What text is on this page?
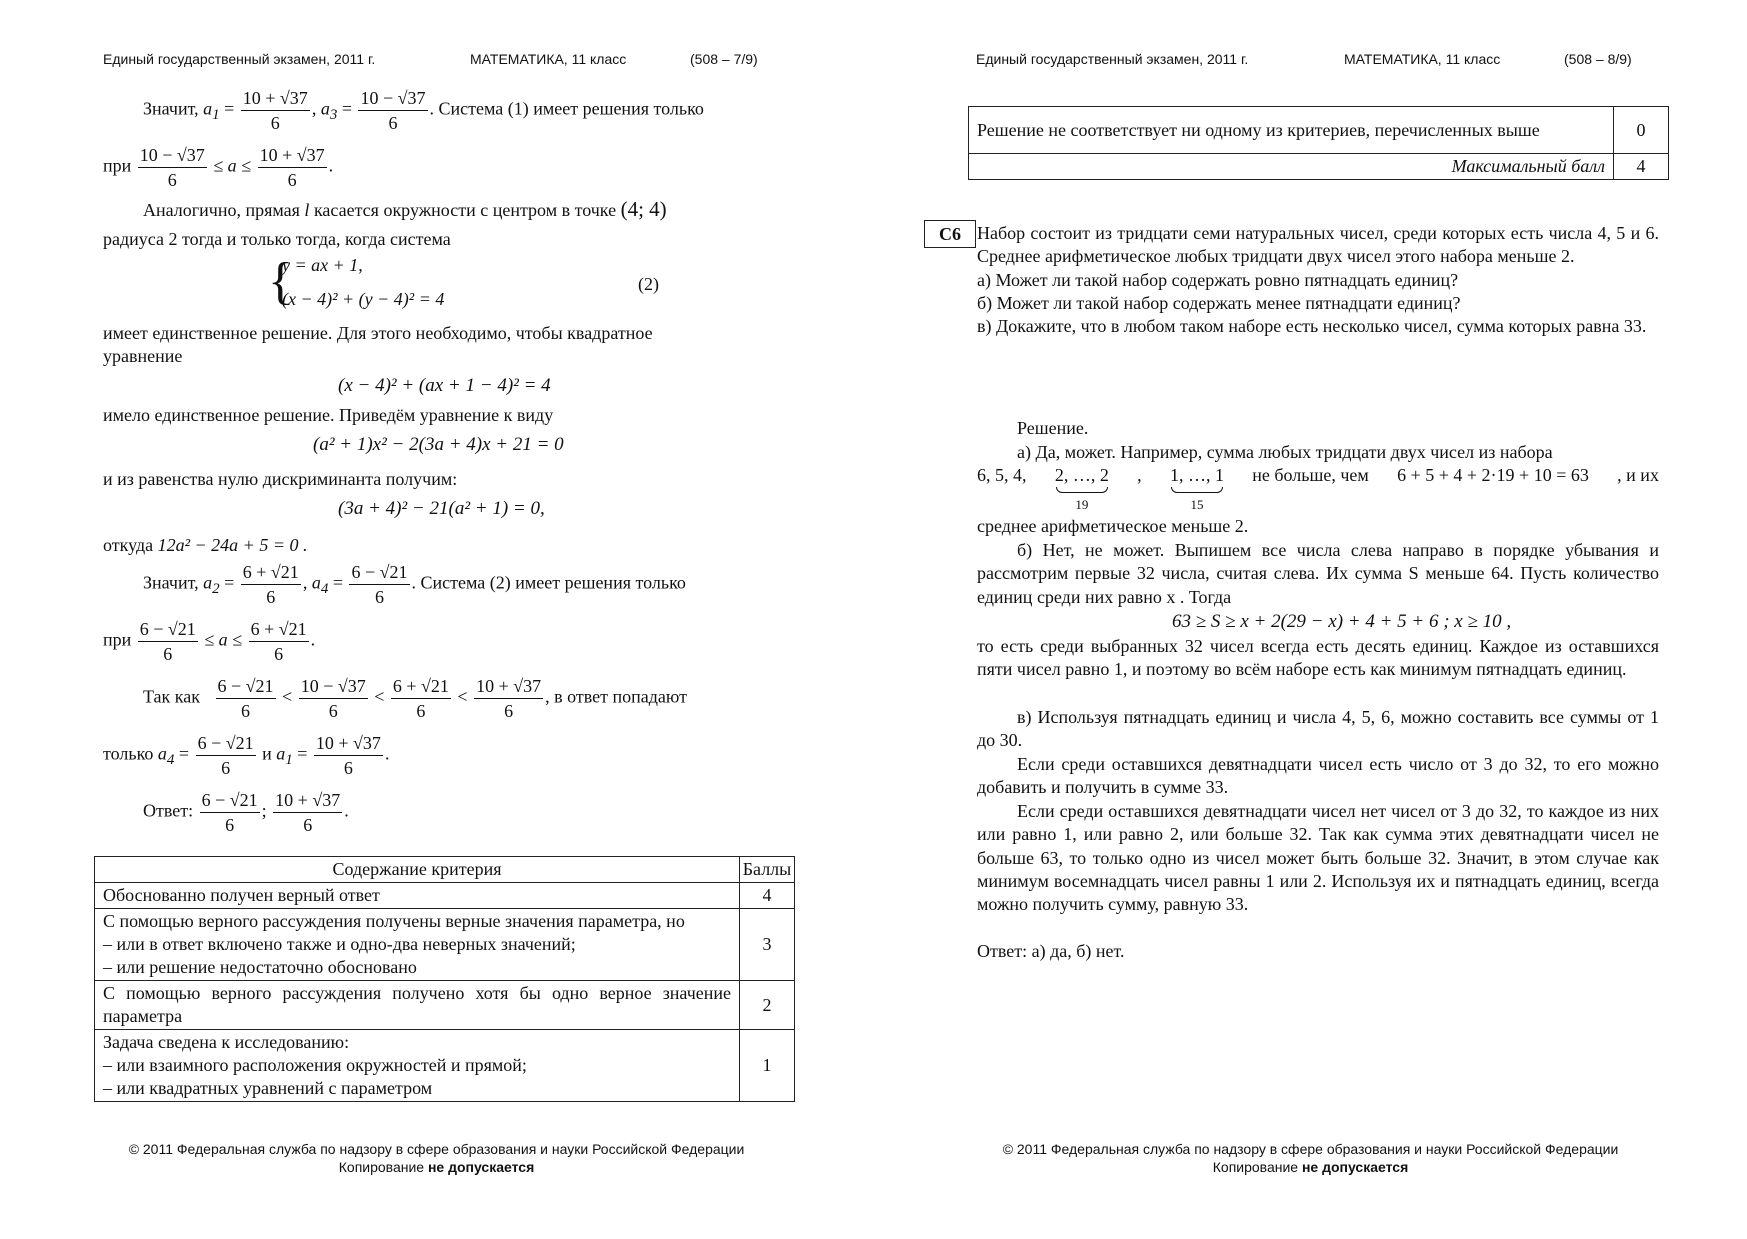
Единый государственный экзамен, 2011 г.	МАТЕМАТИКА, 11 класс	(508 – 7/9)
Значит, $a_1 = \frac{10 + √37}{6}$ , $a_3 = \frac{10 - √37}{6}$ . Система (1) имеет решения только
при $\frac{10 - √37}{6} \le a \le \frac{10 + √37}{6}$ .
Аналогично, прямая l касается окружности с центром в точке (4; 4)
радиуса 2 тогда и только тогда, когда система
{
y = ax + 1,
(x − 4)² + (y − 4)² = 4
(2)
имеет единственное решение. Для этого необходимо, чтобы квадратное
уравнение
(x − 4)² + (ax + 1 − 4)² = 4
имело единственное решение. Приведём уравнение к виду
(a² + 1)x² − 2(3a + 4)x + 21 = 0
и из равенства нулю дискриминанта получим:
(3a + 4)² − 21(a² + 1) = 0,
откуда 12a² − 24a + 5 = 0 .
Значит, $a_2 = \frac{6 + √21}{6}$ , $a_4 = \frac{6 - √21}{6}$ . Система (2) имеет решения только
при $\frac{6 - √21}{6} \le a \le \frac{6 + √21}{6}$ .
Так как $\frac{6 - √21}{6} < \frac{10 - √37}{6} < \frac{6 + √21}{6} < \frac{10 + √37}{6}$ , в ответ попадают
только $a_4 = \frac{6 - √21}{6}$ и $a_1 = \frac{10 + √37}{6}$ .
Ответ: $\frac{6 - √21}{6}$ ; $\frac{10 + √37}{6}$ .
Содержание критерия	Баллы
Обоснованно получен верный ответ	4
С помощью верного рассуждения получены верные значения параметра, но
– или в ответ включено также и одно-два неверных значений;
– или решение недостаточно обосновано	3
С помощью верного рассуждения получено хотя бы одно верное значение параметра	2
Задача сведена к исследованию:
– или взаимного расположения окружностей и прямой;
– или квадратных уравнений с параметром	1
© 2011 Федеральная служба по надзору в сфере образования и науки Российской Федерации
Копирование не допускается
Единый государственный экзамен, 2011 г.	МАТЕМАТИКА, 11 класс	(508 – 8/9)
Решение не соответствует ни одному из критериев, перечисленных выше	0
Максимальный балл	4
C6 Набор состоит из тридцати семи натуральных чисел, среди которых есть числа 4, 5 и 6. Среднее арифметическое любых тридцати двух чисел этого набора меньше 2.
а) Может ли такой набор содержать ровно пятнадцать единиц?
б) Может ли такой набор содержать менее пятнадцати единиц?
в) Докажите, что в любом таком наборе есть несколько чисел, сумма которых равна 33.
Решение.
а) Да, может. Например, сумма любых тридцати двух чисел из набора
6, 5, 4, 2, …, 2
19
, 1, …, 1
15
не больше, чем 6 + 5 + 4 + 2·19 + 10 = 63 , и их
среднее арифметическое меньше 2.
б) Нет, не может. Выпишем все числа слева направо в порядке убывания и рассмотрим первые 32 числа, считая слева. Их сумма S меньше 64. Пусть количество единиц среди них равно x . Тогда
63 ≥ S ≥ x + 2(29 − x) + 4 + 5 + 6 ; x ≥ 10 ,
то есть среди выбранных 32 чисел всегда есть десять единиц. Каждое из оставшихся пяти чисел равно 1, и поэтому во всём наборе есть как минимум пятнадцать единиц.
в) Используя пятнадцать единиц и числа 4, 5, 6, можно составить все суммы от 1 до 30.
Если среди оставшихся девятнадцати чисел есть число от 3 до 32, то его можно добавить и получить в сумме 33.
Если среди оставшихся девятнадцати чисел нет чисел от 3 до 32, то каждое из них или равно 1, или равно 2, или больше 32. Так как сумма этих девятнадцати чисел не больше 63, то только одно из чисел может быть больше 32. Значит, в этом случае как минимум восемнадцать чисел равны 1 или 2. Используя их и пятнадцать единиц, всегда можно получить сумму, равную 33.
Ответ: а) да, б) нет.
© 2011 Федеральная служба по надзору в сфере образования и науки Российской Федерации
Копирование не допускается
